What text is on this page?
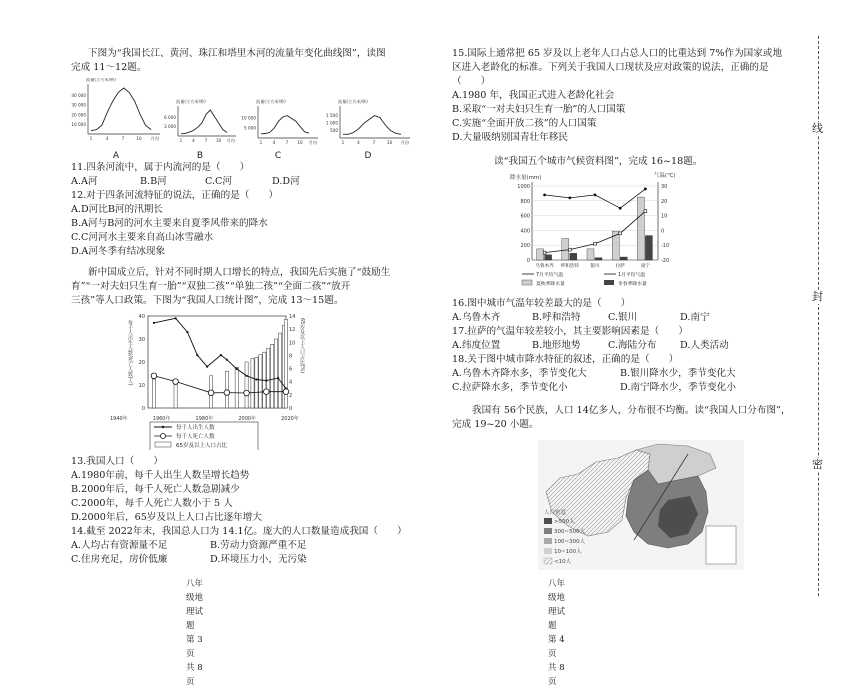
下图为“我国长江、黄河、珠江和塔里木河的流量年变化曲线图”，读图
完成 11～12题。
流量(立方米/秒)
40 000
30 000
20 000
10 000
1	4	7	10 月份
A
流量(立方米/秒)
6 000
3 000
1 4 7 10 月份
B
流量(立方米/秒)
10 000
5 000
1 4 7 10 月份
C
流量(立方米/秒)
1 500
1 000
500
1	4	7	10 月份
D
11.四条河流中，属于内流河的是（　　）
A.A河	B.B河	C.C河	D.D河
12.对于四条河流特征的说法，正确的是（　　）
A.D河比B河的汛期长
B.A河与B河的河水主要来自夏季风带来的降水
C.C河河水主要来自高山冰雪融水
D.A河冬季有结冰现象
新中国成立后，针对不同时期人口增长的特点，我国先后实施了“鼓励生
育”“一对夫妇只生育一胎”“双独二孩”“单独二孩”“全面二孩”“放开
三孩”等人口政策。下图为“我国人口统计图”，完成 13～15题。
40
30
20
10
0
14
12
10
8
6
4
2
0
1940年	1960年	1980年	2000年	2020年
每千人出生人数/死亡人数(人)	65岁及以上人口占比(%)
每千人出生人数
每千人死亡人数
65岁及以上人口占比
13.我国人口（　　）
A.1980年前，每千人出生人数呈增长趋势
B.2000年后，每千人死亡人数急剧减少
C.2000年，每千人死亡人数小于 5 人
D.2000年后，65岁及以上人口占比逐年增大
14.截至 2022年末，我国总人口为 14.1亿。庞大的人口数量造成我国（　　）
A.人均占有资源量不足	B.劳动力资源严重不足
C.住房充足，房价低廉	D.环境压力小，无污染
八年级地理试题　第 3 页 共 8 页
15.国际上通常把 65 岁及以上老年人口占总人口的比重达到 7%作为国家或地
区进入老龄化的标准。下列关于我国人口现状及应对政策的说法，正确的是
（　　）
A.1980 年，我国正式进入老龄化社会
B.采取“一对夫妇只生育一胎”的人口国策
C.实施“全面开放二孩”的人口国策
D.大量吸纳别国青壮年移民
读“我国五个城市气候资料图”，完成 16~18题。
降水量(mm)	气温(℃)
1000
800
600
400
200
0
30
20
10
0
-10
-20
乌鲁木齐 呼和浩特 银川	拉萨	南宁
7月平均气温	1月平均气温
夏秋季降水量	冬春季降水量
16.图中城市气温年较差最大的是（　　）
A.乌鲁木齐	B.呼和浩特	C.银川	D.南宁
17.拉萨的气温年较差较小，其主要影响因素是（　　）
A.纬度位置	B.地形地势	C.海陆分布 D.人类活动
18.关于图中城市降水特征的叙述，正确的是（　　）
A.乌鲁木齐降水多，季节变化大	B.银川降水少，季节变化大
C.拉萨降水多，季节变化小	D.南宁降水少，季节变化小
我国有 56个民族，人口 14亿多人，分布很不均衡。读“我国人口分布图”，
完成 19~20 小题。
人口密度
>500人
300~500人
100~300人
10~100人
<10人
八年级地理试题　第 4 页 共 8 页
线
封
密
